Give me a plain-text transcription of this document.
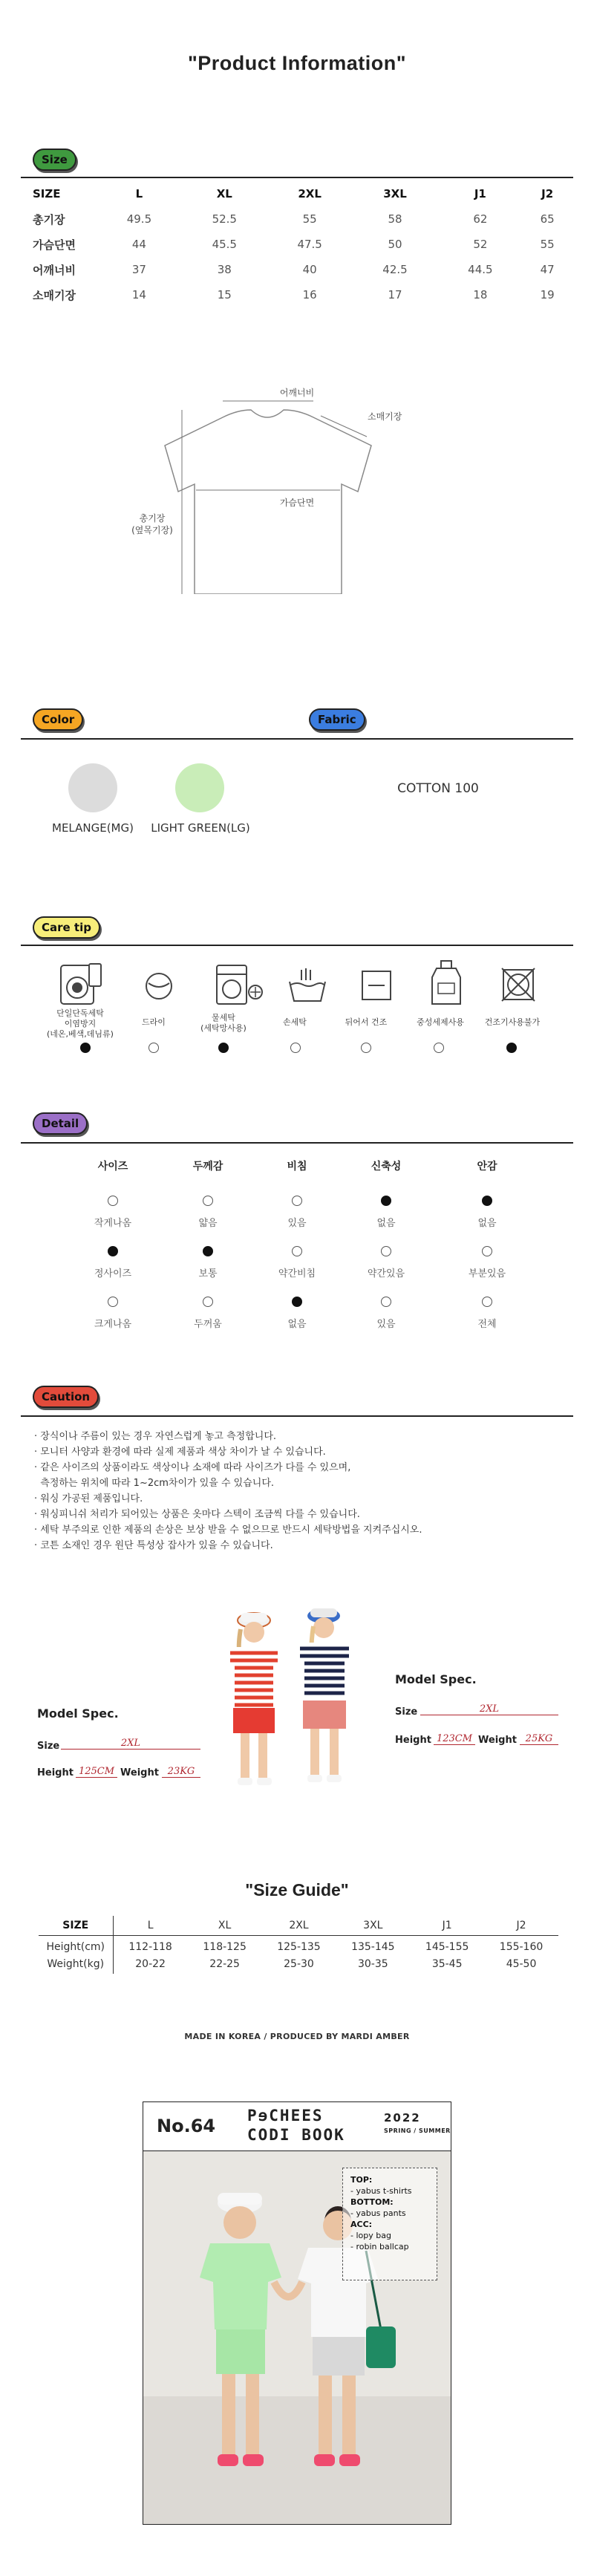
"Product Information"
Size
SIZE	L	XL	2XL	3XL	J1	J2
총기장	49.5	52.5	55	58	62	65
가슴단면	44	45.5	47.5	50	52	55
어깨너비	37	38	40	42.5	44.5	47
소매기장	14	15	16	17	18	19
어깨너비
소매기장
가슴단면
총기장
(옆목기장)
Color	Fabric
MELANGE(MG)	LIGHT GREEN(LG)
COTTON 100
Care tip
단일단독세탁
이염방지
(네온,베색,데님류)
드라이	물세탁
(세탁망사용)
손세탁	뒤어서 건조	중성세제사용	건조기사용불가
Detail
사이즈	두께감	비침	신축성	안감
작게나옴	얇음	있음	없음	없음
정사이즈	보통	약간비침	약간있음	부분있음
크게나옴	두꺼움	없음	있음	전체
Caution
· 장식이나 주름이 있는 경우 자연스럽게 놓고 측정합니다.
· 모니터 사양과 환경에 따라 실제 제품과 색상 차이가 날 수 있습니다.
· 같은 사이즈의 상품이라도 색상이나 소재에 따라 사이즈가 다를 수 있으며,
측정하는 위치에 따라 1~2cm차이가 있을 수 있습니다.
· 워싱 가공된 제품입니다.
· 워싱피니쉬 처리가 되어있는 상품은 옷마다 스텍이 조금씩 다를 수 있습니다.
· 세탁 부주의로 인한 제품의 손상은 보상 받을 수 없으므로 반드시 세탁방법을 지켜주십시오.
· 코튼 소재인 경우 원단 특성상 잡사가 있을 수 있습니다.
Model Spec.
Size	2XL
Height 125CM Weight 23KG
Model Spec.
Size	2XL
Height 123CM Weight 25KG
"Size Guide"
SIZE	L	XL	2XL	3XL	J1	J2
Height(cm)	112-118	118-125	125-135	135-145	145-155	155-160
Weight(kg)	20-22	22-25	25-30	30-35	35-45	45-50
MADE IN KOREA / PRODUCED BY MARDI AMBER
No.64 PɘCHEES
CODI BOOK
2022
SPRING / SUMMER
TOP:
- yabus t-shirts
BOTTOM:
- yabus pants
ACC:
- lopy bag
- robin ballcap
